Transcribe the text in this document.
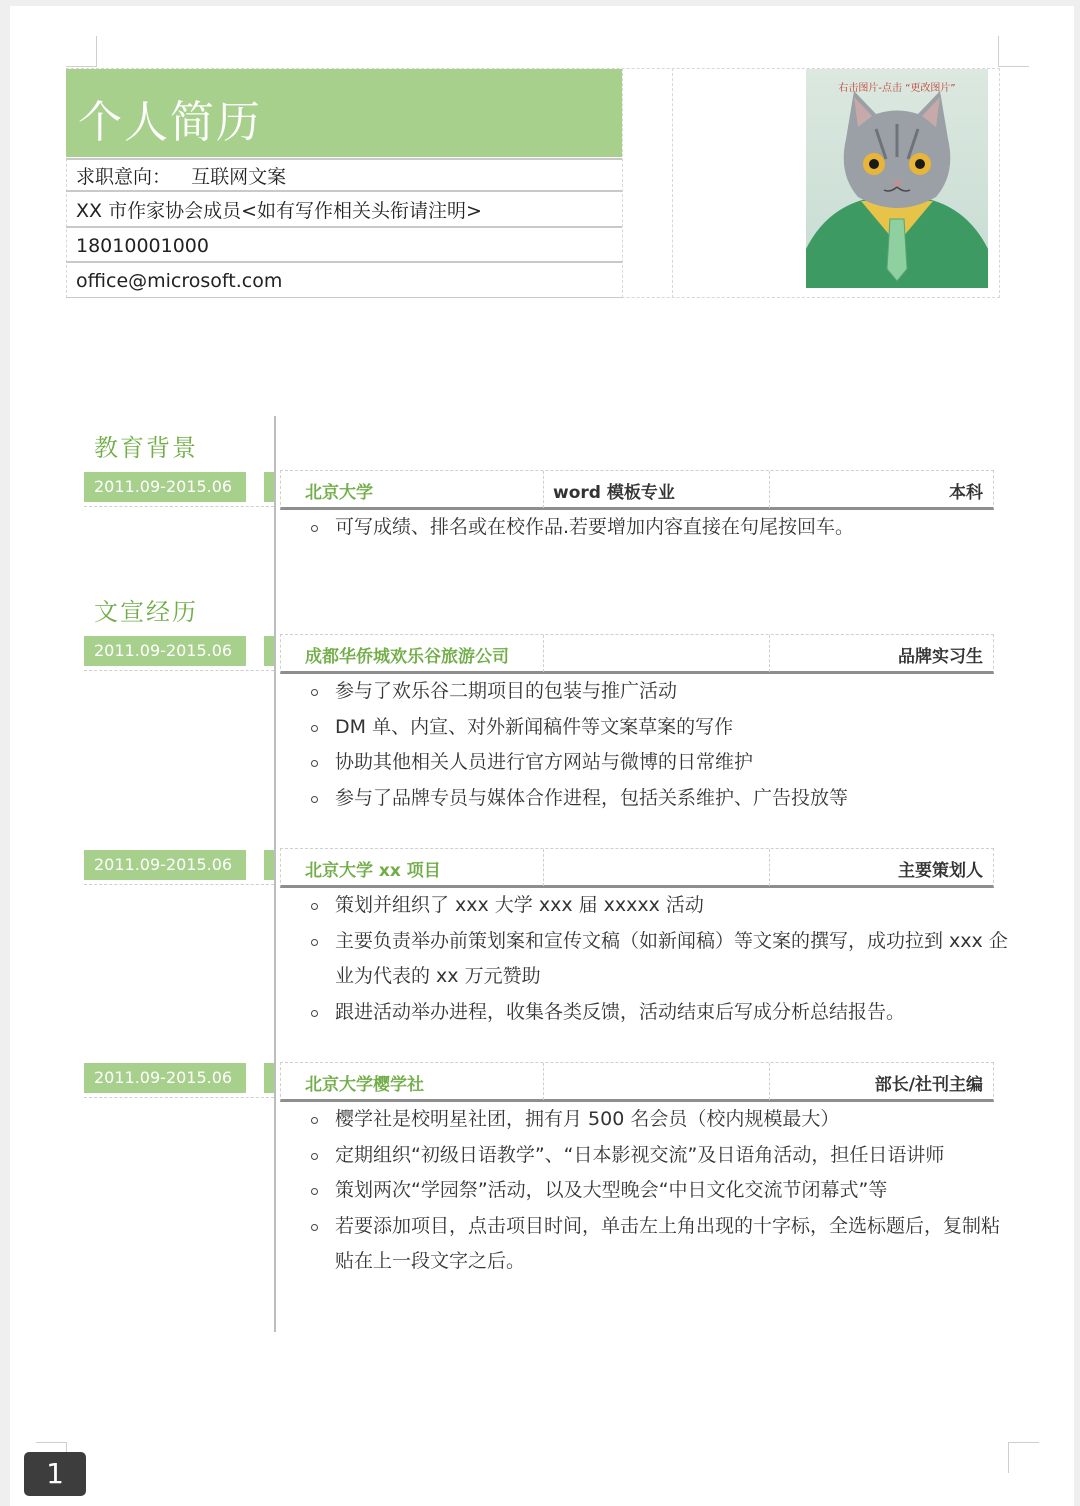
个人简历
求职意向： 互联网文案
XX 市作家协会成员<如有写作相关头衔请注明>
18010001000
office@microsoft.com
右击图片-点击 “更改图片”
教育背景
2011.09-2015.06	北京大学	word 模板专业	本科
可写成绩、排名或在校作品.若要增加内容直接在句尾按回车。
文宣经历
2011.09-2015.06	成都华侨城欢乐谷旅游公司	品牌实习生
参与了欢乐谷二期项目的包装与推广活动
DM 单、内宣、对外新闻稿件等文案草案的写作
协助其他相关人员进行官方网站与微博的日常维护
参与了品牌专员与媒体合作进程，包括关系维护、广告投放等
2011.09-2015.06	北京大学 xx 项目	主要策划人
策划并组织了 xxx 大学 xxx 届 xxxxx 活动
主要负责举办前策划案和宣传文稿（如新闻稿）等文案的撰写，成功拉到 xxx 企业为代表的 xx 万元赞助
跟进活动举办进程，收集各类反馈，活动结束后写成分析总结报告。
2011.09-2015.06	北京大学樱学社	部长/社刊主编
樱学社是校明星社团，拥有月 500 名会员（校内规模最大）
定期组织“初级日语教学”、“日本影视交流”及日语角活动，担任日语讲师
策划两次“学园祭”活动，以及大型晚会“中日文化交流节闭幕式”等
若要添加项目，点击项目时间，单击左上角出现的十字标，全选标题后，复制粘贴在上一段文字之后。
1
